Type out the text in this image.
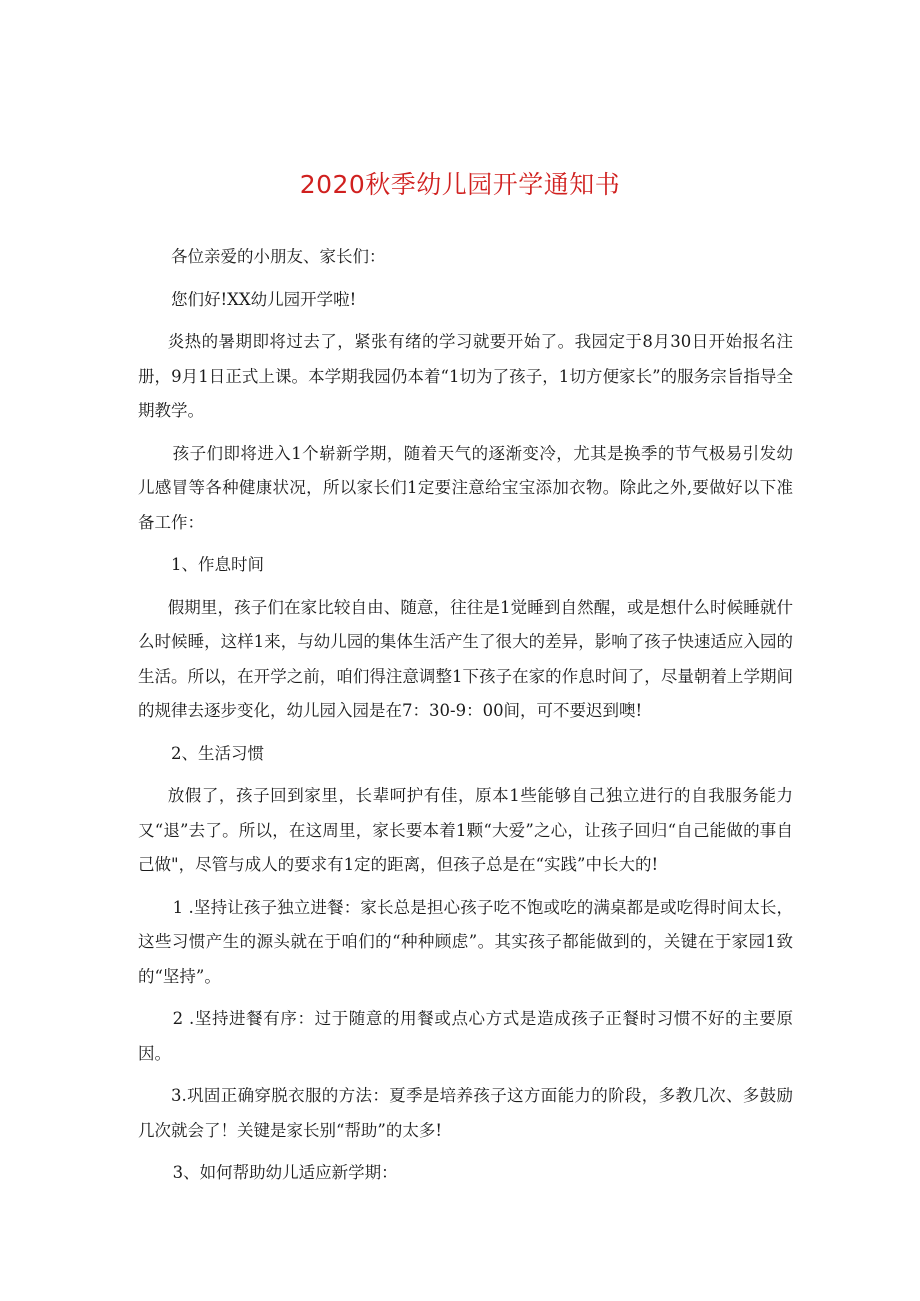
2020秋季幼儿园开学通知书

各位亲爱的小朋友、家长们：

您们好!XX幼儿园开学啦!

炎热的暑期即将过去了，紧张有绪的学习就要开始了。我园定于8月30日开始报名注册，9月1日正式上课。本学期我园仍本着“1切为了孩子，1切方便家长”的服务宗旨指导全期教学。

孩子们即将进入1个崭新学期，随着天气的逐渐变冷，尤其是换季的节气极易引发幼儿感冒等各种健康状况，所以家长们1定要注意给宝宝添加衣物。除此之外,要做好以下准备工作：

1、作息时间

假期里，孩子们在家比较自由、随意，往往是1觉睡到自然醒，或是想什么时候睡就什么时候睡，这样1来，与幼儿园的集体生活产生了很大的差异，影响了孩子快速适应入园的生活。所以，在开学之前，咱们得注意调整1下孩子在家的作息时间了，尽量朝着上学期间的规律去逐步变化，幼儿园入园是在7：30-9：00间，可不要迟到噢!

2、生活习惯

放假了，孩子回到家里，长辈呵护有佳，原本1些能够自己独立进行的自我服务能力又“退”去了。所以，在这周里，家长要本着1颗“大爱”之心，让孩子回归“自己能做的事自己做"，尽管与成人的要求有1定的距离，但孩子总是在“实践”中长大的!

1 .坚持让孩子独立进餐：家长总是担心孩子吃不饱或吃的满桌都是或吃得时间太长，这些习惯产生的源头就在于咱们的“种种顾虑”。其实孩子都能做到的，关键在于家园1致的“坚持”。

2 .坚持进餐有序：过于随意的用餐或点心方式是造成孩子正餐时习惯不好的主要原因。

3.巩固正确穿脱衣服的方法：夏季是培养孩子这方面能力的阶段，多教几次、多鼓励几次就会了！关键是家长别“帮助”的太多!

3、如何帮助幼儿适应新学期：
